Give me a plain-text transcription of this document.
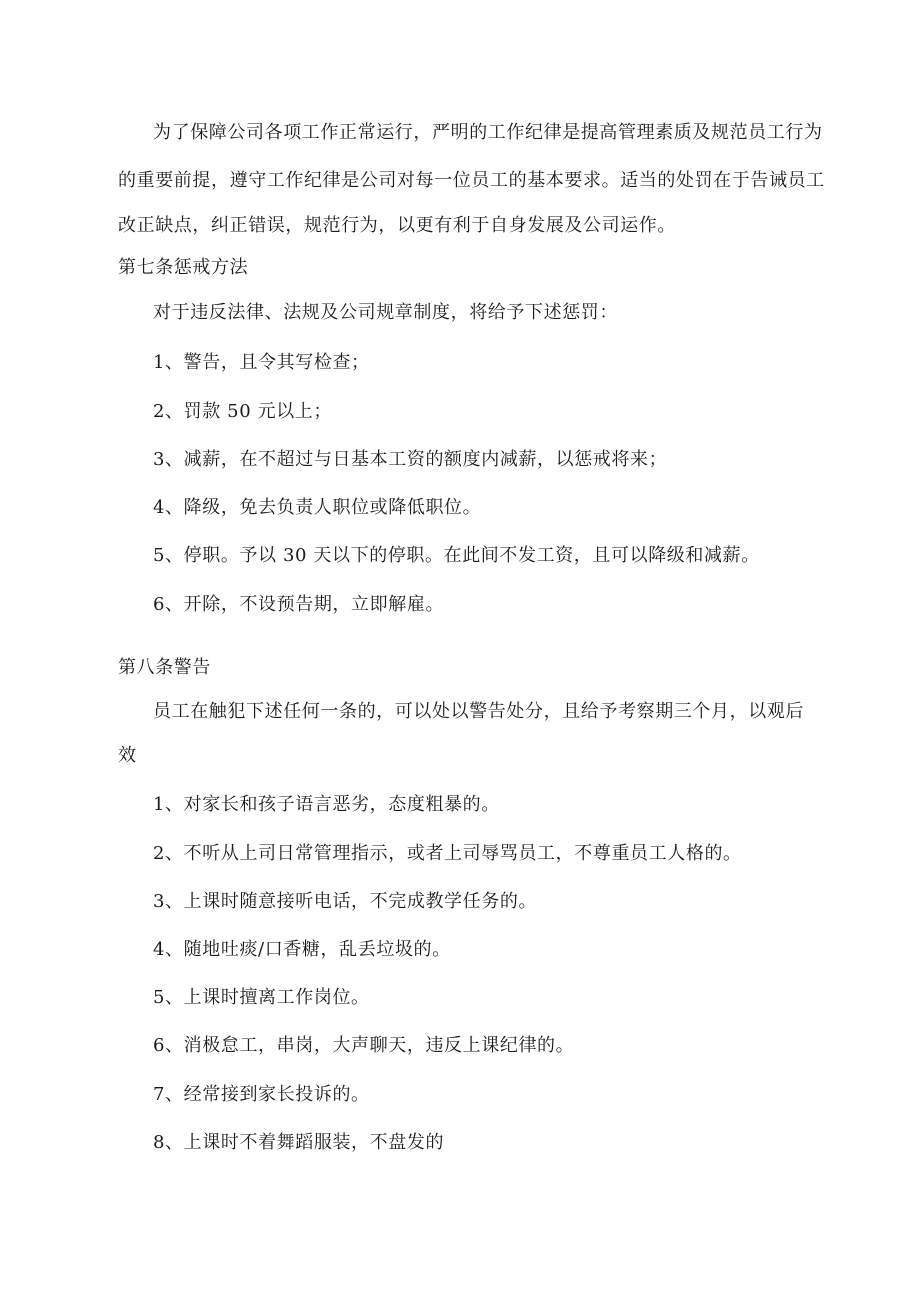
为了保障公司各项工作正常运行，严明的工作纪律是提高管理素质及规范员工行为
的重要前提，遵守工作纪律是公司对每一位员工的基本要求。适当的处罚在于告诫员工
改正缺点，纠正错误，规范行为，以更有利于自身发展及公司运作。
第七条惩戒方法
对于违反法律、法规及公司规章制度，将给予下述惩罚：
1、警告，且令其写检查；
2、罚款 50 元以上；
3、减薪，在不超过与日基本工资的额度内减薪，以惩戒将来；
4、降级，免去负责人职位或降低职位。
5、停职。予以 30 天以下的停职。在此间不发工资，且可以降级和减薪。
6、开除，不设预告期，立即解雇。
第八条警告
员工在触犯下述任何一条的，可以处以警告处分，且给予考察期三个月，以观后
效
1、对家长和孩子语言恶劣，态度粗暴的。
2、不听从上司日常管理指示，或者上司辱骂员工，不尊重员工人格的。
3、上课时随意接听电话，不完成教学任务的。
4、随地吐痰/口香糖，乱丢垃圾的。
5、上课时擅离工作岗位。
6、消极怠工，串岗，大声聊天，违反上课纪律的。
7、经常接到家长投诉的。
8、上课时不着舞蹈服装，不盘发的
